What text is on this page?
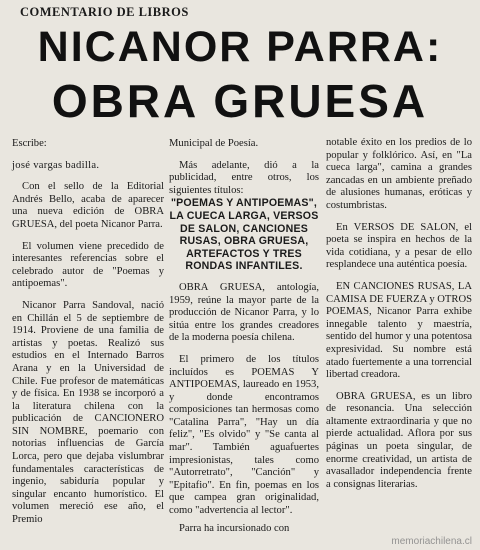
COMENTARIO DE LIBROS
NICANOR PARRA:
OBRA GRUESA

Escribe:

josé vargas badilla.

Con el sello de la Editorial Andrés Bello, acaba de aparecer una nueva edición de OBRA GRUESA, del poeta Nicanor Parra.

El volumen viene precedido de interesantes referencias sobre el celebrado autor de "Poemas y antipoemas".

Nicanor Parra Sandoval, nació en Chillán el 5 de septiembre de 1914. Proviene de una familia de artistas y poetas. Realizó sus estudios en el Internado Barros Arana y en la Universidad de Chile. Fue profesor de matemáticas y de física. En 1938 se incorporó a la literatura chilena con la publicación de CANCIONERO SIN NOMBRE, poemario con notorias influencias de García Lorca, pero que dejaba vislumbrar fundamentales características de ingenio, sabiduría popular y singular encanto humorístico. El volumen mereció ese año, el Premio

Municipal de Poesía.

Más adelante, dió a la publicidad, entre otros, los siguientes títulos:

"POEMAS Y ANTIPOEMAS", LA CUECA LARGA, VERSOS DE SALON, CANCIONES RUSAS, OBRA GRUESA, ARTEFACTOS Y TRES RONDAS INFANTILES.

OBRA GRUESA, antología, 1959, reúne la mayor parte de la producción de Nicanor Parra, y lo sitúa entre los grandes creadores de la moderna poesía chilena.

El primero de los títulos incluídos es POEMAS Y ANTIPOEMAS, laureado en 1953, y donde encontramos composiciones tan hermosas como "Catalina Parra", "Hay un día feliz", "Es olvido" y "Se canta al mar". También aguafuertes impresionistas, tales como "Autorretrato", "Canción" y "Epitafio". En fin, poemas en los que campea gran originalidad, como "advertencia al lector".

Parra ha incursionado con

notable éxito en los predios de lo popular y folklórico. Así, en "La cueca larga", camina a grandes zancadas en un ambiente preñado de alusiones humanas, eróticas y costumbristas.

En VERSOS DE SALON, el poeta se inspira en hechos de la vida cotidiana, y a pesar de ello resplandece una auténtica poesía.

EN CANCIONES RUSAS, LA CAMISA DE FUERZA y OTROS POEMAS, Nicanor Parra exhibe innegable talento y maestría, sentido del humor y una potentosa expresividad. Su nombre está atado fuertemente a una torrencial libertad creadora.

OBRA GRUESA, es un libro de resonancia. Una selección altamente extraordinaria y que no pierde actualidad. Aflora por sus páginas un poeta singular, de enorme creatividad, un artista de avasallador independencia frente a consignas literarias.

memoriachilena.cl
